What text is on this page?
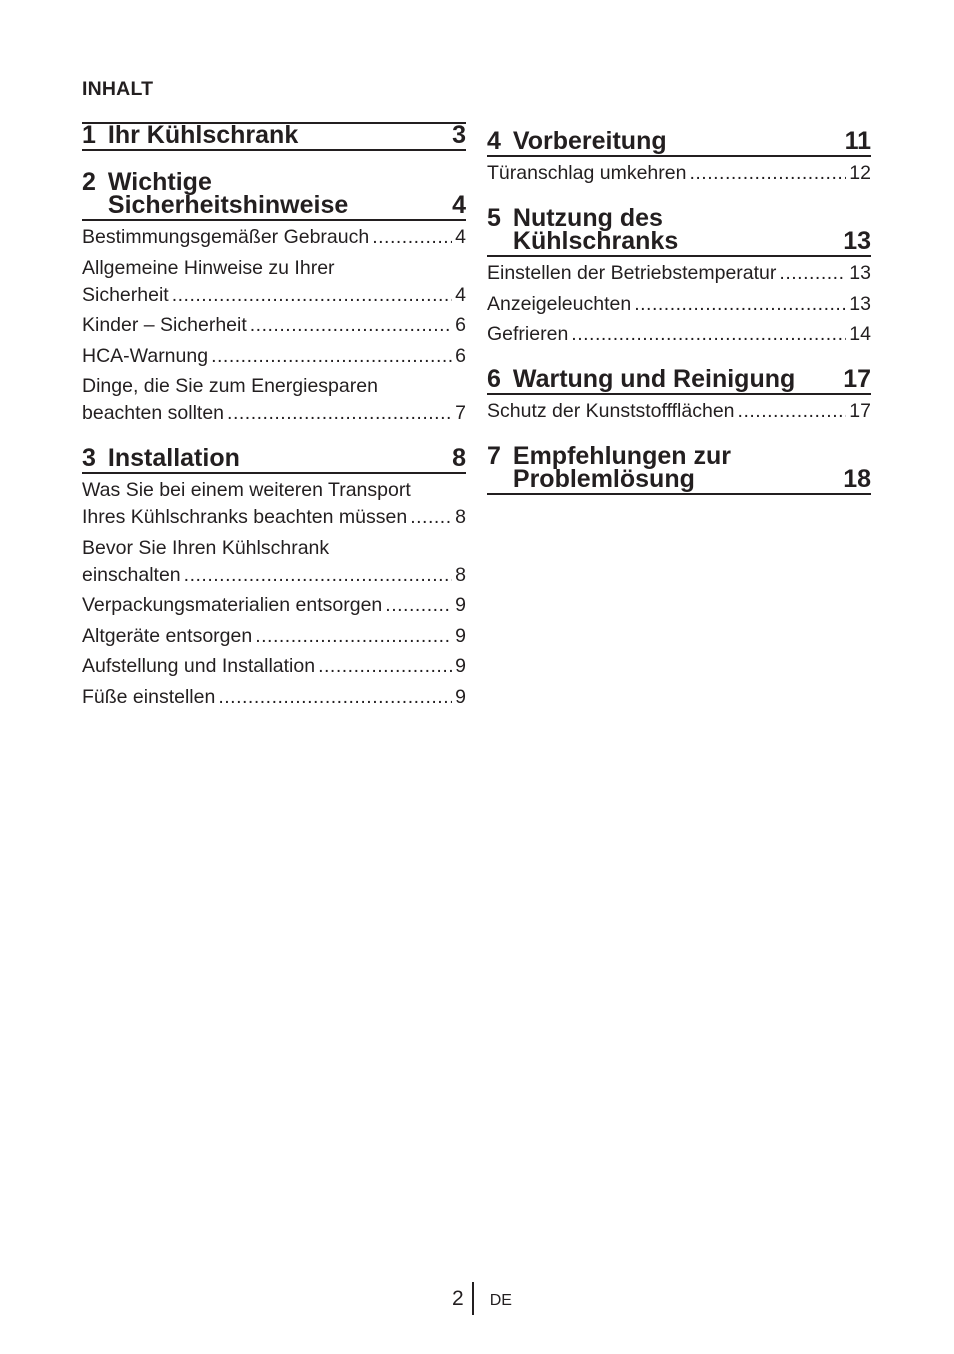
INHALT
1 Ihr Kühlschrank	3
2 Wichtige
Sicherheitshinweise	4
Bestimmungsgemäßer Gebrauch .....	4
Allgemeine Hinweise zu Ihrer
Sicherheit .....	4
Kinder – Sicherheit .....	6
HCA-Warnung .....	6
Dinge, die Sie zum Energiesparen
beachten sollten .....	7
3 Installation	8
Was Sie bei einem weiteren Transport
Ihres Kühlschranks beachten müssen ..... 8
Bevor Sie Ihren Kühlschrank
einschalten .....	8
Verpackungsmaterialien entsorgen .....	9
Altgeräte entsorgen .....	9
Aufstellung und Installation .....	9
Füße einstellen .....	9
4 Vorbereitung	11
Türanschlag umkehren .....	12
5 Nutzung des
Kühlschranks	13
Einstellen der Betriebstemperatur .....	13
Anzeigeleuchten .....	13
Gefrieren .....	14
6 Wartung und Reinigung	17
Schutz der Kunststoffflächen .....	17
7 Empfehlungen zur
Problemlösung	18
2	DE
